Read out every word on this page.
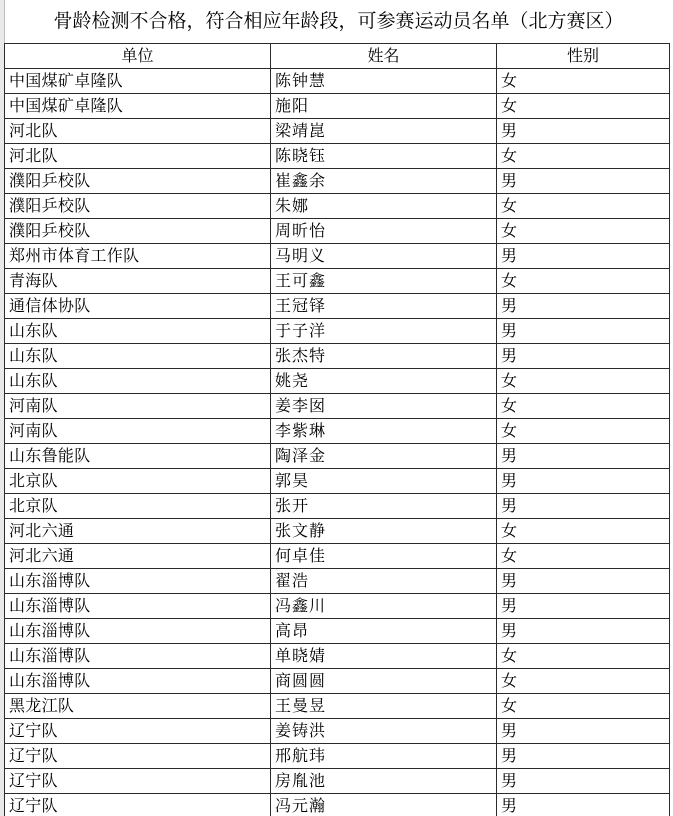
骨龄检测不合格，符合相应年龄段，可参赛运动员名单（北方赛区）
单位	姓名	性别
中国煤矿卓隆队	陈钟慧	女
中国煤矿卓隆队	施阳	女
河北队	梁靖崑	男
河北队	陈晓钰	女
濮阳乒校队	崔鑫余	男
濮阳乒校队	朱娜	女
濮阳乒校队	周昕怡	女
郑州市体育工作队	马明义	男
青海队	王可鑫	女
通信体协队	王冠铎	男
山东队	于子洋	男
山东队	张杰特	男
山东队	姚尧	女
河南队	姜李囡	女
河南队	李紫琳	女
山东鲁能队	陶泽金	男
北京队	郭昊	男
北京队	张开	男
河北六通	张文静	女
河北六通	何卓佳	女
山东淄博队	翟浩	男
山东淄博队	冯鑫川	男
山东淄博队	高昂	男
山东淄博队	单晓婧	女
山东淄博队	商圆圆	女
黑龙江队	王曼昱	女
辽宁队	姜铸洪	男
辽宁队	邢航玮	男
辽宁队	房胤池	男
辽宁队	冯元瀚	男
